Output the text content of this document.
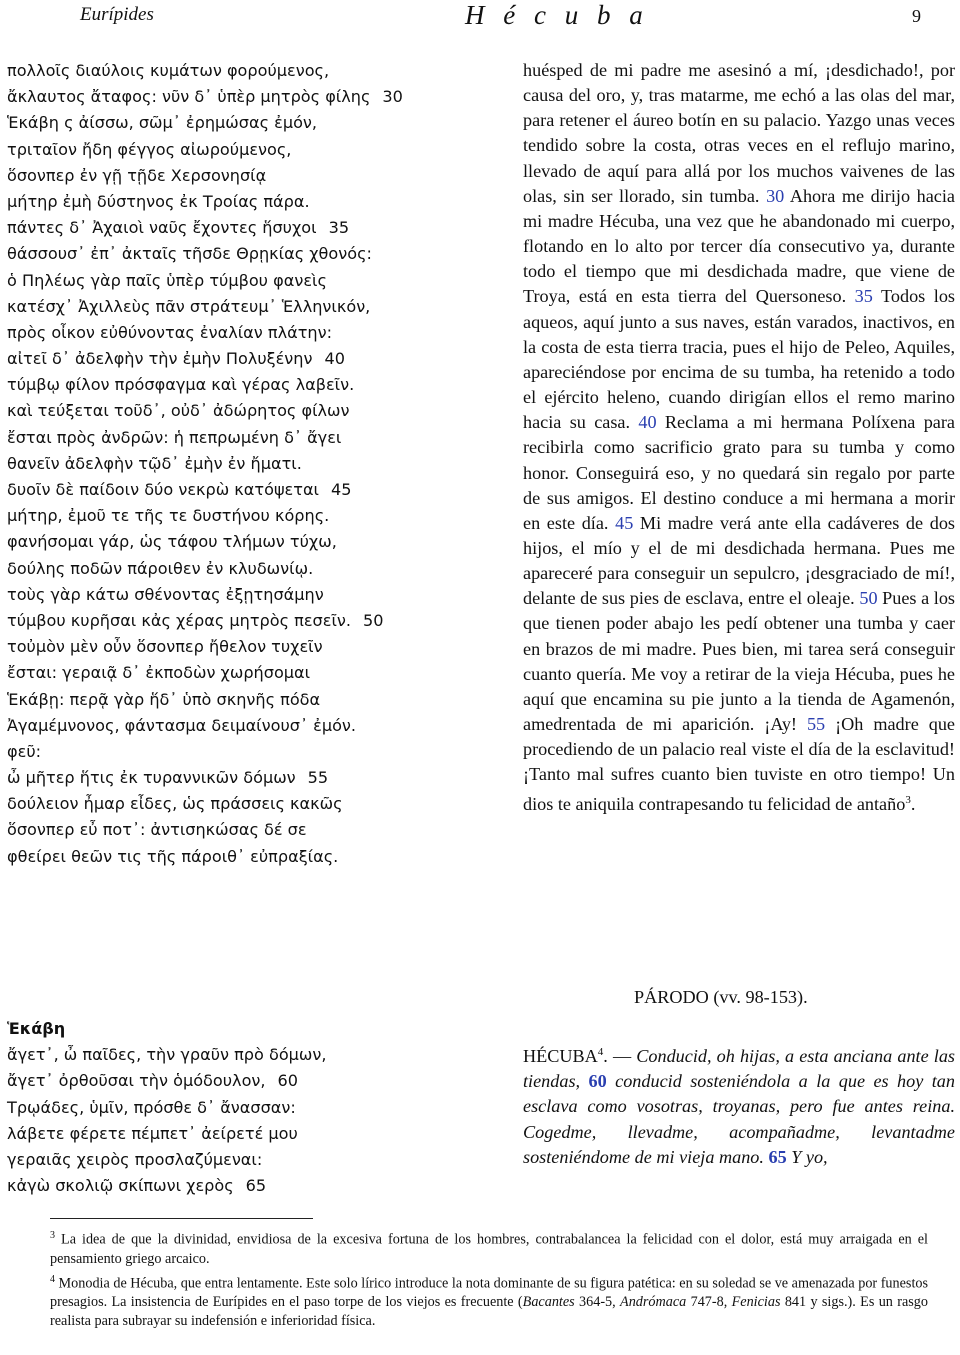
Eurípides	H é c u b a	9
πολλοῖς διαύλοις κυμάτων φορούμενος,
ἄκλαυτος ἄταφος: νῦν δ᾽ ὑπὲρ μητρὸς φίλης 30
Ἑκάβη ς ἀίσσω, σῶμ᾽ ἐρημώσας ἐμόν,
τριταῖον ἤδη φέγγος αἰωρούμενος,
ὅσονπερ ἐν γῇ τῇδε Χερσονησίᾳ
μήτηρ ἐμὴ δύστηνος ἐκ Τροίας πάρα.
πάντες δ᾽ Ἀχαιοὶ ναῦς ἔχοντες ἥσυχοι 35
θάσσουσ᾽ ἐπ᾽ ἀκταῖς τῆσδε Θρῃκίας χθονός:
ὁ Πηλέως γὰρ παῖς ὑπὲρ τύμβου φανεὶς
κατέσχ᾽ Ἀχιλλεὺς πᾶν στράτευμ᾽ Ἑλληνικόν,
πρὸς οἶκον εὐθύνοντας ἐναλίαν πλάτην:
αἰτεῖ δ᾽ ἀδελφὴν τὴν ἐμὴν Πολυξένην 40
τύμβῳ φίλον πρόσφαγμα καὶ γέρας λαβεῖν.
καὶ τεύξεται τοῦδ᾽, οὐδ᾽ ἀδώρητος φίλων
ἔσται πρὸς ἀνδρῶν: ἡ πεπρωμένη δ᾽ ἄγει
θανεῖν ἀδελφὴν τῷδ᾽ ἐμὴν ἐν ἤματι.
δυοῖν δὲ παίδοιν δύο νεκρὼ κατόψεται 45
μήτηρ, ἐμοῦ τε τῆς τε δυστήνου κόρης.
φανήσομαι γάρ, ὡς τάφου τλήμων τύχω,
δούλης ποδῶν πάροιθεν ἐν κλυδωνίῳ.
τοὺς γὰρ κάτω σθένοντας ἐξῃτησάμην
τύμβου κυρῆσαι κἀς χέρας μητρὸς πεσεῖν. 50
τοὐμὸν μὲν οὖν ὅσονπερ ἤθελον τυχεῖν
ἔσται: γεραιᾷ δ᾽ ἐκποδὼν χωρήσομαι
Ἑκάβῃ: περᾷ γὰρ ἥδ᾽ ὑπὸ σκηνῆς πόδα
Ἀγαμέμνονος, φάντασμα δειμαίνουσ᾽ ἐμόν.
φεῦ:
ὦ μῆτερ ἥτις ἐκ τυραννικῶν δόμων 55
δούλειον ἦμαρ εἶδες, ὡς πράσσεις κακῶς
ὅσονπερ εὖ ποτ᾽: ἀντισηκώσας δέ σε
φθείρει θεῶν τις τῆς πάροιθ᾽ εὐπραξίας.
Ἑκάβη
ἄγετ᾽, ὦ παῖδες, τὴν γραῦν πρὸ δόμων,
ἄγετ᾽ ὀρθοῦσαι τὴν ὁμόδουλον, 60
Τρῳάδες, ὑμῖν, πρόσθε δ᾽ ἄνασσαν:
λάβετε φέρετε πέμπετ᾽ ἀείρετέ μου
γεραιᾶς χειρὸς προσλαζύμεναι:
κἀγὼ σκολιῷ σκίπωνι χερὸς 65

huésped de mi padre me asesinó a mí, ¡desdichado!, por causa del oro, y, tras matarme, me echó a las olas del mar, para retener el áureo botín en su palacio. Yazgo unas veces tendido sobre la costa, otras veces en el reflujo marino, llevado de aquí para allá por los muchos vaivenes de las olas, sin ser llorado, sin tumba. 30 Ahora me dirijo hacia mi madre Hécuba, una vez que he abandonado mi cuerpo, flotando en lo alto por tercer día consecutivo ya, durante todo el tiempo que mi desdichada madre, que viene de Troya, está en esta tierra del Quersoneso. 35 Todos los aqueos, aquí junto a sus naves, están varados, inactivos, en la costa de esta tierra tracia, pues el hijo de Peleo, Aquiles, apareciéndose por encima de su tumba, ha retenido a todo el ejército heleno, cuando dirigían ellos el remo marino hacia su casa. 40 Reclama a mi hermana Políxena para recibirla como sacrificio grato para su tumba y como honor. Conseguirá eso, y no quedará sin regalo por parte de sus amigos. El destino conduce a mi hermana a morir en este día. 45 Mi madre verá ante ella cadáveres de dos hijos, el mío y el de mi desdichada hermana. Pues me apareceré para conseguir un sepulcro, ¡desgraciado de mí!, delante de sus pies de esclava, entre el oleaje. 50 Pues a los que tienen poder abajo les pedí obtener una tumba y caer en brazos de mi madre. Pues bien, mi tarea será conseguir cuanto quería. Me voy a retirar de la vieja Hécuba, pues he aquí que encamina su pie junto a la tienda de Agamenón, amedrentada de mi aparición. ¡Ay! 55 ¡Oh madre que procediendo de un palacio real viste el día de la esclavitud! ¡Tanto mal sufres cuanto bien tuviste en otro tiempo! Un dios te aniquila contrapesando tu felicidad de antaño$^3$.

PÁRODO (vv. 98-153).
HÉCUBA$^4$. — Conducid, oh hijas, a esta anciana ante las tiendas, 60 conducid sosteniéndola a la que es hoy tan esclava como vosotras, troyanas, pero fue antes reina. Cogedme, llevadme, acompañadme, levantadme sosteniéndome de mi vieja mano. 65 Y yo,

$^3$ La idea de que la divinidad, envidiosa de la excesiva fortuna de los hombres, contrabalancea la felicidad con el dolor, está muy arraigada en el pensamiento griego arcaico.

$^4$ Monodia de Hécuba, que entra lentamente. Este solo lírico introduce la nota dominante de su figura patética: en su soledad se ve amenazada por funestos presagios. La insistencia de Eurípides en el paso torpe de los viejos es frecuente (Bacantes 364-5, Andrómaca 747-8, Fenicias 841 y sigs.). Es un rasgo realista para subrayar su indefensión e inferioridad física.
